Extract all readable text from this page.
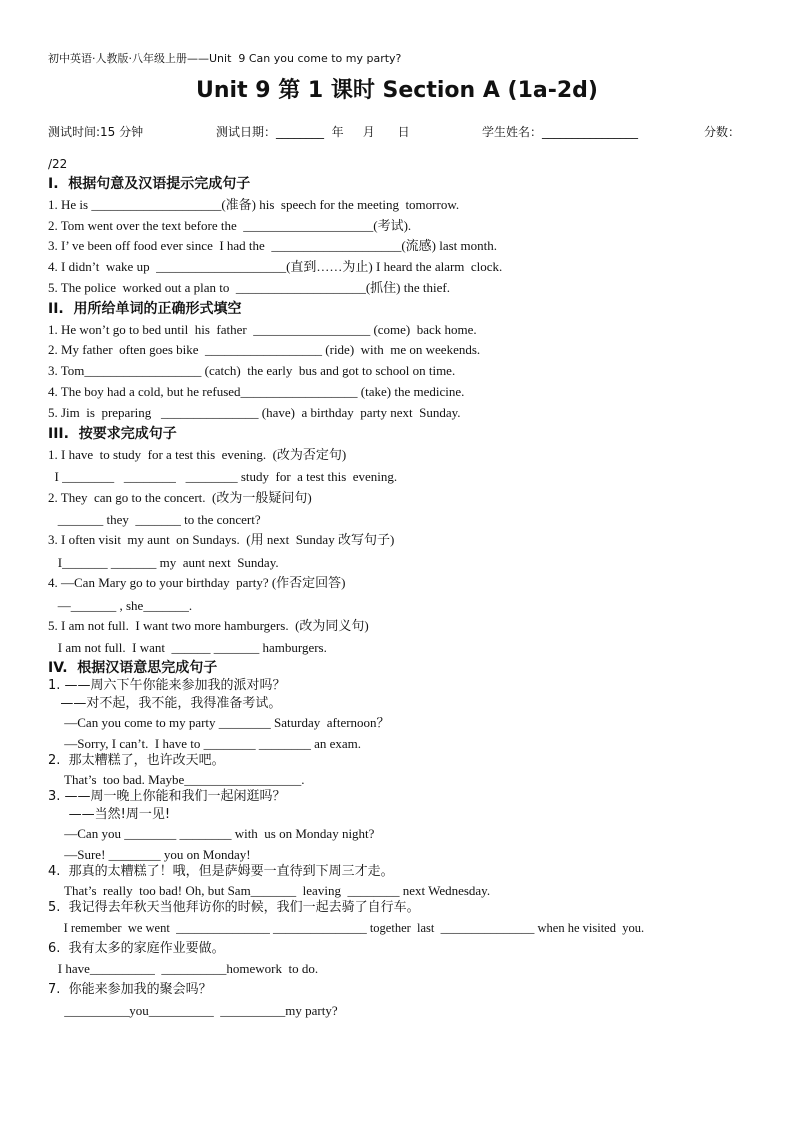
初中英语·人教版·八年级上册——Unit  9 Can you come to my party?
Unit 9 第 1 课时 Section A (1a-2d)
测试时间:15 分钟	测试日期：________  年     月      日	学生姓名：________________	分数：
/22
I.  根据句意及汉语提示完成句子
1. He is ____________________(准备) his  speech for the meeting  tomorrow.
2. Tom went over the text before the  ____________________(考试).
3. I’ ve been off food ever since  I had the  ____________________(流感) last month.
4. I didn’t  wake up  ____________________(直到……为止) I heard the alarm  clock.
5. The police  worked out a plan to  ____________________(抓住) the thief.
II.  用所给单词的正确形式填空
1. He won’t go to bed until  his  father  __________________ (come)  back home.
2. My father  often goes bike  __________________ (ride)  with  me on weekends.
3. Tom__________________ (catch)  the early  bus and got to school on time.
4. The boy had a cold, but he refused__________________ (take) the medicine.
5. Jim  is  preparing   _______________ (have)  a birthday  party next  Sunday.
III.  按要求完成句子
1. I have  to study  for a test this  evening.  (改为否定句)
I ________   ________   ________ study  for  a test this  evening.
2. They  can go to the concert.  (改为一般疑问句)
_______ they  _______ to the concert?
3. I often visit  my aunt  on Sundays.  (用 next  Sunday 改写句子)
I_______ _______ my  aunt next  Sunday.
4. —Can Mary go to your birthday  party? (作否定回答)
—_______ , she_______.
5. I am not full.  I want two more hamburgers.  (改为同义句)
I am not full.  I want  ______ _______ hamburgers.
IV.  根据汉语意思完成句子
1. ——周六下午你能来参加我的派对吗？
——对不起，我不能，我得准备考试。
—Can you come to my party ________ Saturday  afternoon？
—Sorry, I can’t.  I have to ________ ________ an exam.
2.  那太糟糕了，也许改天吧。
That’s  too bad. Maybe__________________.
3. ——周一晚上你能和我们一起闲逛吗？
——当然!周一见!
—Can you ________ ________ with  us on Monday night?
—Sure! ________ you on Monday!
4.  那真的太糟糕了！哦，但是萨姆要一直待到下周三才走。
That’s  really  too bad! Oh, but Sam_______  leaving  ________ next Wednesday.
5.  我记得去年秋天当他拜访你的时候，我们一起去骑了自行车。
I remember  we went  _______________ _______________ together  last  _______________ when he visited  you.
6.  我有太多的家庭作业要做。
I have__________  __________homework  to do.
7.  你能来参加我的聚会吗？
__________you__________  __________my party?
